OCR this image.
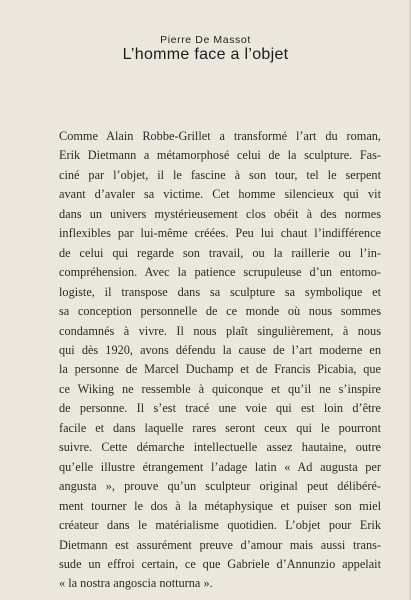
Pierre De Massot
L’homme face a l’objet
Comme Alain Robbe-Grillet a transformé l’art du roman,
Erik Dietmann a métamorphosé celui de la sculpture. Fas-
ciné par l’objet, il le fascine à son tour, tel le serpent
avant d’avaler sa victime. Cet homme silencieux qui vit
dans un univers mystérieusement clos obéit à des normes
inflexibles par lui-même créées. Peu lui chaut l’indifférence
de celui qui regarde son travail, ou la raillerie ou l’in-
compréhension. Avec la patience scrupuleuse d’un entomo-
logiste, il transpose dans sa sculpture sa symbolique et
sa conception personnelle de ce monde où nous sommes
condamnés à vivre. Il nous plaît singulièrement, à nous
qui dès 1920, avons défendu la cause de l’art moderne en
la personne de Marcel Duchamp et de Francis Picabia, que
ce Wiking ne ressemble à quiconque et qu’il ne s’inspire
de personne. Il s’est tracé une voie qui est loin d’être
facile et dans laquelle rares seront ceux qui le pourront
suivre. Cette démarche intellectuelle assez hautaine, outre
qu’elle illustre étrangement l’adage latin « Ad augusta per
angusta », prouve qu’un sculpteur original peut délibéré-
ment tourner le dos à la métaphysique et puiser son miel
créateur dans le matérialisme quotidien. L’objet pour Erik
Dietmann est assurément preuve d’amour mais aussi trans-
sude un effroi certain, ce que Gabriele d’Annunzio appelait
« la nostra angoscia notturna ».
